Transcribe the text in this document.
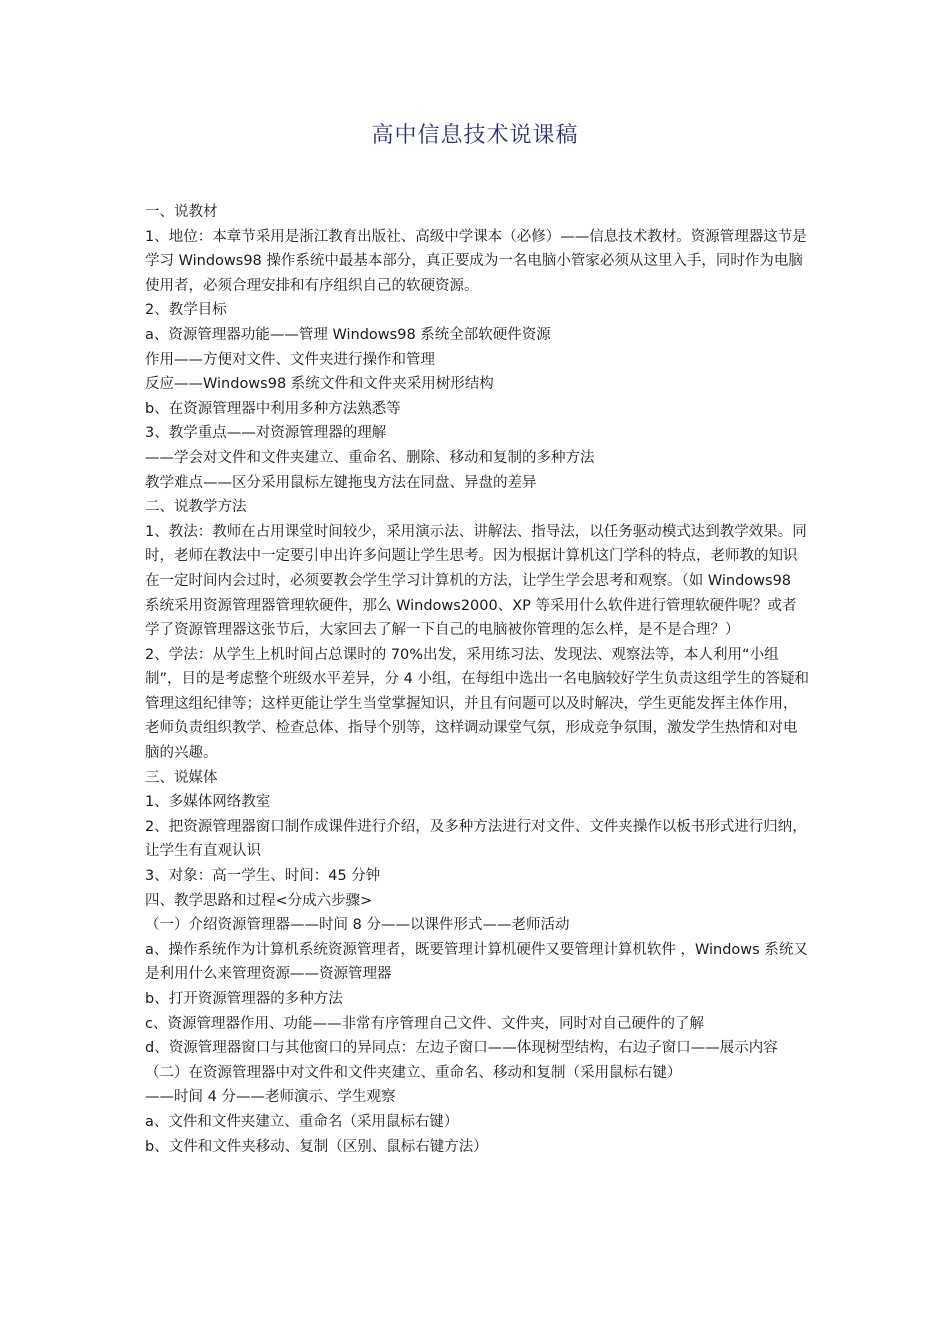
高中信息技术说课稿

一、说教材

1、地位：本章节采用是浙江教育出版社、高级中学课本（必修）——信息技术教材。资源管理器这节是学习 Windows98 操作系统中最基本部分，真正要成为一名电脑小管家必须从这里入手，同时作为电脑使用者，必须合理安排和有序组织自己的软硬资源。

2、教学目标

a、资源管理器功能——管理 Windows98 系统全部软硬件资源

作用——方便对文件、文件夹进行操作和管理

反应——Windows98 系统文件和文件夹采用树形结构

b、在资源管理器中利用多种方法熟悉等

3、教学重点——对资源管理器的理解

——学会对文件和文件夹建立、重命名、删除、移动和复制的多种方法

教学难点——区分采用鼠标左键拖曳方法在同盘、异盘的差异

二、说教学方法

1、教法：教师在占用课堂时间较少，采用演示法、讲解法、指导法，以任务驱动模式达到教学效果。同时，老师在教法中一定要引申出许多问题让学生思考。因为根据计算机这门学科的特点，老师教的知识在一定时间内会过时，必须要教会学生学习计算机的方法，让学生学会思考和观察。（如 Windows98 系统采用资源管理器管理软硬件，那么 Windows2000、XP 等采用什么软件进行管理软硬件呢？或者学了资源管理器这张节后，大家回去了解一下自己的电脑被你管理的怎么样，是不是合理？）

2、学法：从学生上机时间占总课时的 70%出发，采用练习法、发现法、观察法等，本人利用“小组制”，目的是考虑整个班级水平差异，分 4 小组，在每组中选出一名电脑较好学生负责这组学生的答疑和管理这组纪律等；这样更能让学生当堂掌握知识，并且有问题可以及时解决，学生更能发挥主体作用，老师负责组织教学、检查总体、指导个别等，这样调动课堂气氛，形成竞争氛围，激发学生热情和对电脑的兴趣。

三、说媒体

1、多媒体网络教室

2、把资源管理器窗口制作成课件进行介绍，及多种方法进行对文件、文件夹操作以板书形式进行归纳，让学生有直观认识

3、对象：高一学生、时间：45 分钟

四、教学思路和过程<分成六步骤>

（一）介绍资源管理器——时间 8 分——以课件形式——老师活动

a、操作系统作为计算机系统资源管理者，既要管理计算机硬件又要管理计算机软件 ，Windows 系统又是利用什么来管理资源——资源管理器

b、打开资源管理器的多种方法

c、资源管理器作用、功能——非常有序管理自己文件、文件夹，同时对自己硬件的了解

d、资源管理器窗口与其他窗口的异同点：左边子窗口——体现树型结构，右边子窗口——展示内容

（二）在资源管理器中对文件和文件夹建立、重命名、移动和复制（采用鼠标右键）

——时间 4 分——老师演示、学生观察

a、文件和文件夹建立、重命名（采用鼠标右键）

b、文件和文件夹移动、复制（区别、鼠标右键方法）
